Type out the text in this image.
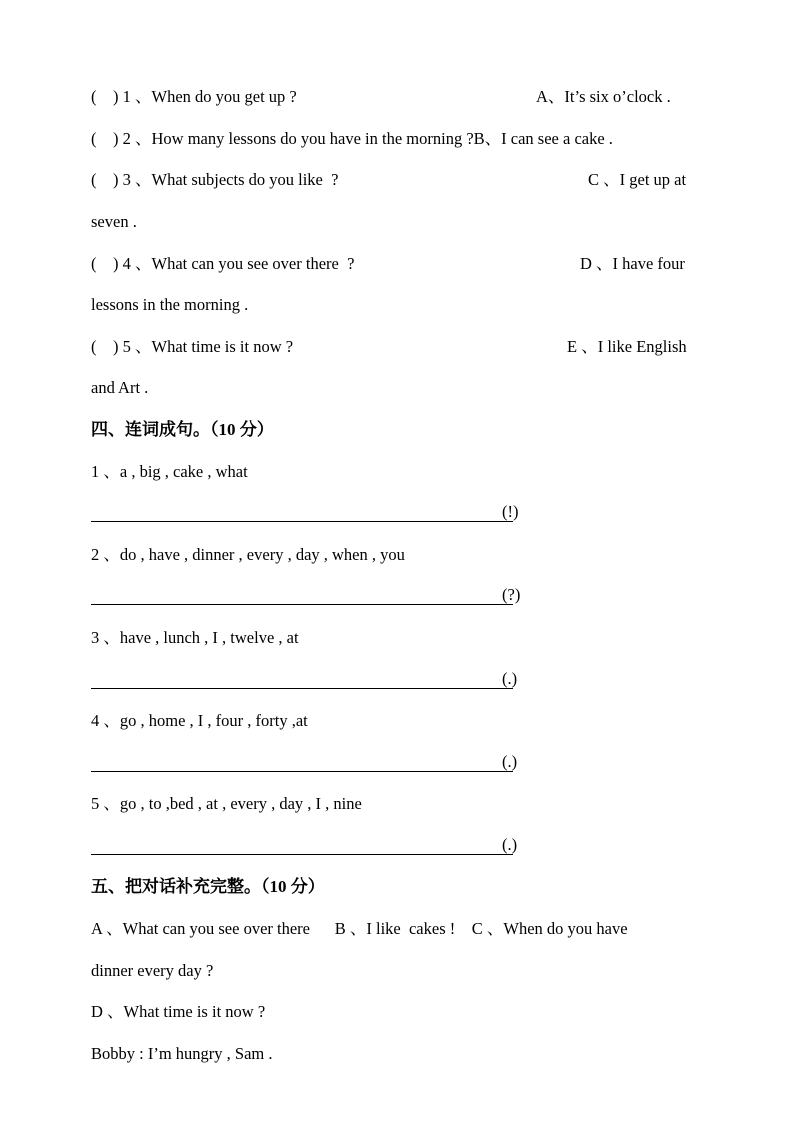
(    ) 1 、When do you get up ?	A、It’s six o’clock .
(    ) 2 、How many lessons do you have in the morning ?B、I can see a cake .
(    ) 3 、What subjects do you like  ?	C 、I get up at
seven .
(    ) 4 、What can you see over there  ?	D 、I have four
lessons in the morning .
(    ) 5 、What time is it now ?	E 、I like English
and Art .
四、连词成句。（10 分）
1 、a , big , cake , what
(!)
2 、do , have , dinner , every , day , when , you
(?)
3 、have , lunch , I , twelve , at
(.)
4 、go , home , I , four , forty ,at
(.)
5 、go , to ,bed , at , every , day , I , nine
(.)
五、把对话补充完整。（10 分）
A 、What can you see over there      B 、I like  cakes !    C 、When do you have
dinner every day ?
D 、What time is it now ?
Bobby : I’m hungry , Sam .
